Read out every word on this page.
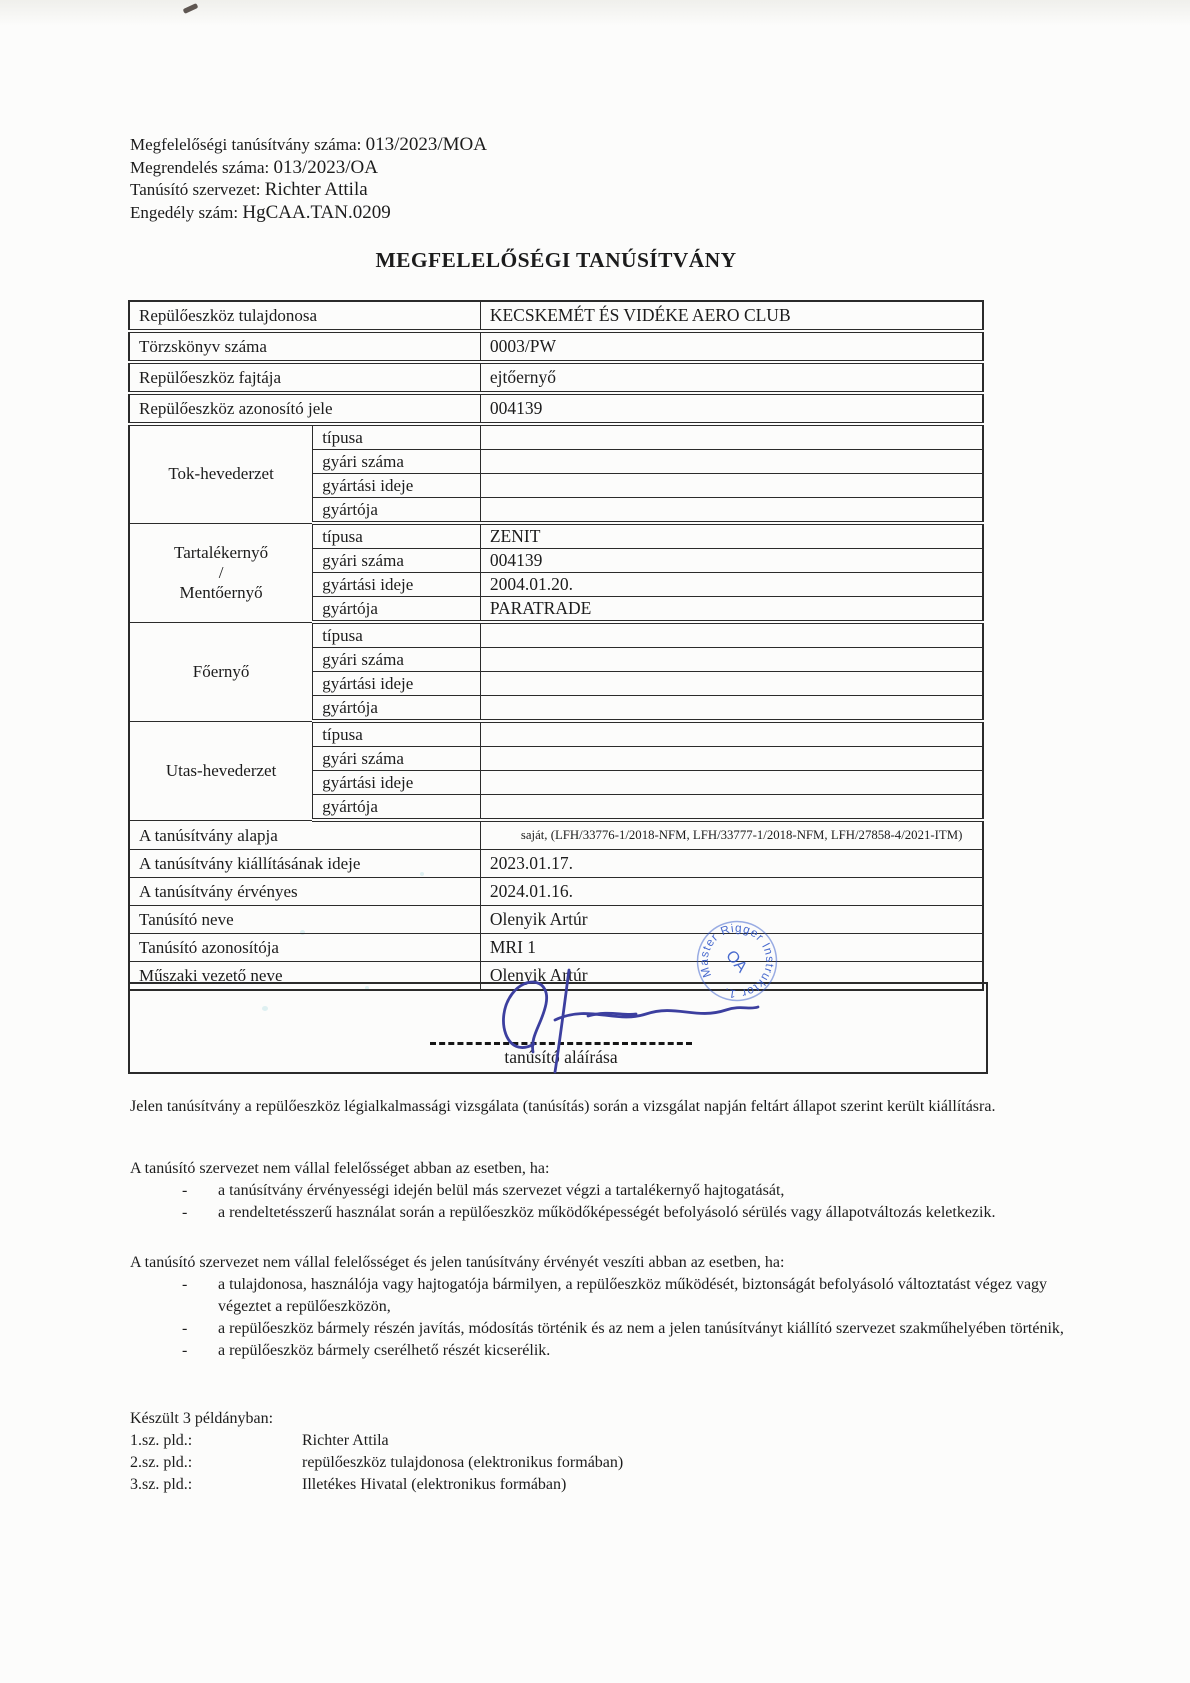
Megfelelőségi tanúsítvány száma: 013/2023/MOA
Megrendelés száma: 013/2023/OA
Tanúsító szervezet: Richter Attila
Engedély szám: HgCAA.TAN.0209
MEGFELELŐSÉGI TANÚSÍTVÁNY
Repülőeszköz tulajdonosa		KECSKEMÉT ÉS VIDÉKE AERO CLUB
Törzskönyv száma		0003/PW
Repülőeszköz fajtája		ejtőernyő
Repülőeszköz azonosító jele		004139

Tok-hevederzet	típusa	
	gyári száma	
	gyártási ideje	
	gyártója	

Tartalékernyő
/
Mentőernyő	típusa	ZENIT
	gyári száma	004139
	gyártási ideje	2004.01.20.
	gyártója	PARATRADE

Főernyő	típusa	
	gyári száma	
	gyártási ideje	
	gyártója	

Utas-hevederzet	típusa	
	gyári száma	
	gyártási ideje	
	gyártója	
A tanúsítvány alapja		saját, (LFH/33776-1/2018-NFM, LFH/33777-1/2018-NFM, LFH/27858-4/2021-ITM)
A tanúsítvány kiállításának ideje		2023.01.17.
A tanúsítvány érvényes		2024.01.16.
Tanúsító neve		Olenyik Artúr
Tanúsító azonosítója		MRI 1
Műszaki vezető neve		Olenyik Artúr
tanúsító aláírása
Master Rigger Instruktor 1.
OA
Jelen tanúsítvány a repülőeszköz légialkalmassági vizsgálata (tanúsítás) során a vizsgálat napján feltárt állapot szerint került kiállításra.
A tanúsító szervezet nem vállal felelősséget abban az esetben, ha:
-	a tanúsítvány érvényességi idején belül más szervezet végzi a tartalékernyő hajtogatását,
-	a rendeltetésszerű használat során a repülőeszköz működőképességét befolyásoló sérülés vagy állapotváltozás keletkezik.
A tanúsító szervezet nem vállal felelősséget és jelen tanúsítvány érvényét veszíti abban az esetben, ha:
-	a tulajdonosa, használója vagy hajtogatója bármilyen, a repülőeszköz működését, biztonságát befolyásoló változtatást végez vagy végeztet a repülőeszközön,
-	a repülőeszköz bármely részén javítás, módosítás történik és az nem a jelen tanúsítványt kiállító szervezet szakműhelyében történik,
-	a repülőeszköz bármely cserélhető részét kicserélik.
Készült 3 példányban:
1.sz. pld.:	Richter Attila
2.sz. pld.:	repülőeszköz tulajdonosa (elektronikus formában)
3.sz. pld.:	Illetékes Hivatal (elektronikus formában)
